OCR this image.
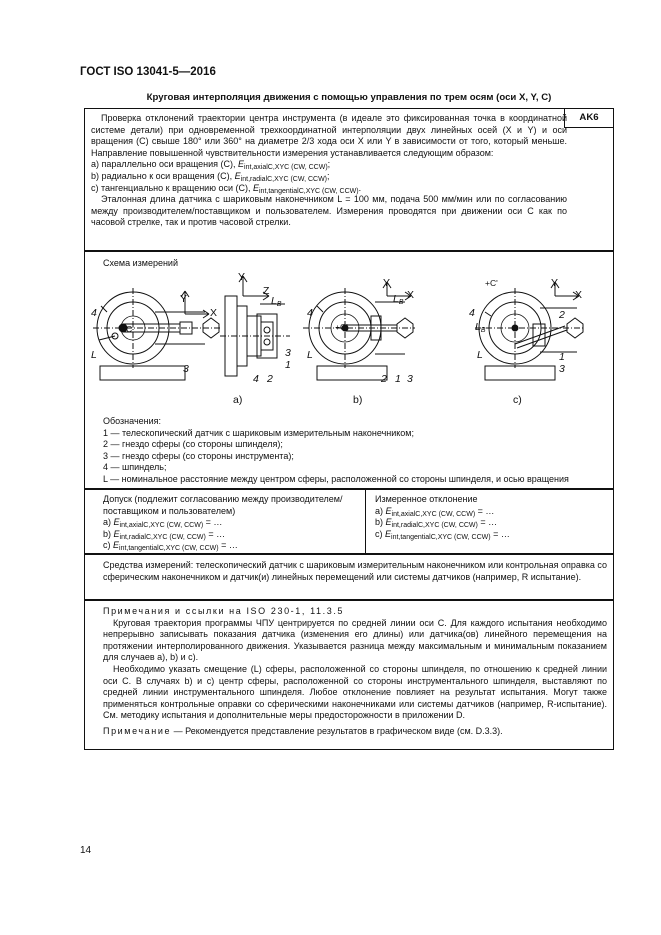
ГОСТ ISO 13041-5—2016
Круговая интерполяция движения с помощью управления по трем осям (оси X, Y, C)

Проверка отклонений траектории центра инструмента (в идеале это фиксированная точка в координатной системе детали) при одновременной трехкоординатной интерполяции двух линейных осей (X и Y) и оси вращения (C) свыше 180° или 360° на диаметре 2/3 хода оси X или Y в зависимости от того, который меньше. Направление повышенной чувствительности измерения устанавливается следующим образом:

a) параллельно оси вращения (C), $E_{int,axialC,XYC (CW, CCW)}$;

b) радиально к оси вращения (C), $E_{int,radialC,XYC (CW, CCW)}$;

c) тангенциально к вращению оси (C), $E_{int,tangentialC,XYC (CW, CCW)}$.

Эталонная длина датчика с шариковым наконечником L = 100 мм, подача 500 мм/мин или по согласованию между производителем/поставщиком и пользователем. Измерения проводятся при движении оси C как по часовой стрелке, так и против часовой стрелки.

AK6
Схема измерений
Y
X
+C'
4
L
3
Y
Z
$L_B$
3
1
4 2
Y
X
$L_B$
+C'
4
L
2 1 3
Y
X
+C'
4
$L_B$
L
2
1
3
a)	b)	c)

Обозначения:

1 — телескопический датчик с шариковым измерительным наконечником;

2 — гнездо сферы (со стороны шпинделя);

3 — гнездо сферы (со стороны инструмента);

4 — шпиндель;

L — номинальное расстояние между центром сферы, расположенной со стороны шпинделя, и осью вращения

Допуск (подлежит согласованию между производителем/поставщиком и пользователем)

a) $E_{int,axialC,XYC (CW, CCW)}$ = …

b) $E_{int,radialC,XYC (CW, CCW)}$ = …

c) $E_{int,tangentialC,XYC (CW, CCW)}$ = …

Измеренное отклонение

a) $E_{int,axialC,XYC (CW, CCW)}$ = …

b) $E_{int,radialC,XYC (CW, CCW)}$ = …

c) $E_{int,tangentialC,XYC (CW, CCW)}$ = …

Средства измерений: телескопический датчик с шариковым измерительным наконечником или контрольная оправка со сферическим наконечником и датчик(и) линейных перемещений или системы датчиков (например, R испытание).

Примечания и ссылки на ISO 230-1, 11.3.5

Круговая траектория программы ЧПУ центрируется по средней линии оси C. Для каждого испытания необходимо непрерывно записывать показания датчика (изменения его длины) или датчика(ов) линейного перемещения на протяжении интерполированного движения. Указывается разница между максимальным и минимальным показанием для случаев a), b) и c).

Необходимо указать смещение (L) сферы, расположенной со стороны шпинделя, по отношению к средней линии оси C. В случаях b) и c) центр сферы, расположенной со стороны инструментального шпинделя, выставляют по средней линии инструментального шпинделя. Любое отклонение повлияет на результат испытания. Могут также применяться контрольные оправки со сферическими наконечниками или системы датчиков (например, R-испытание). См. методику испытания и дополнительные меры предосторожности в приложении D.

Примечание — Рекомендуется представление результатов в графическом виде (см. D.3.3).

14
